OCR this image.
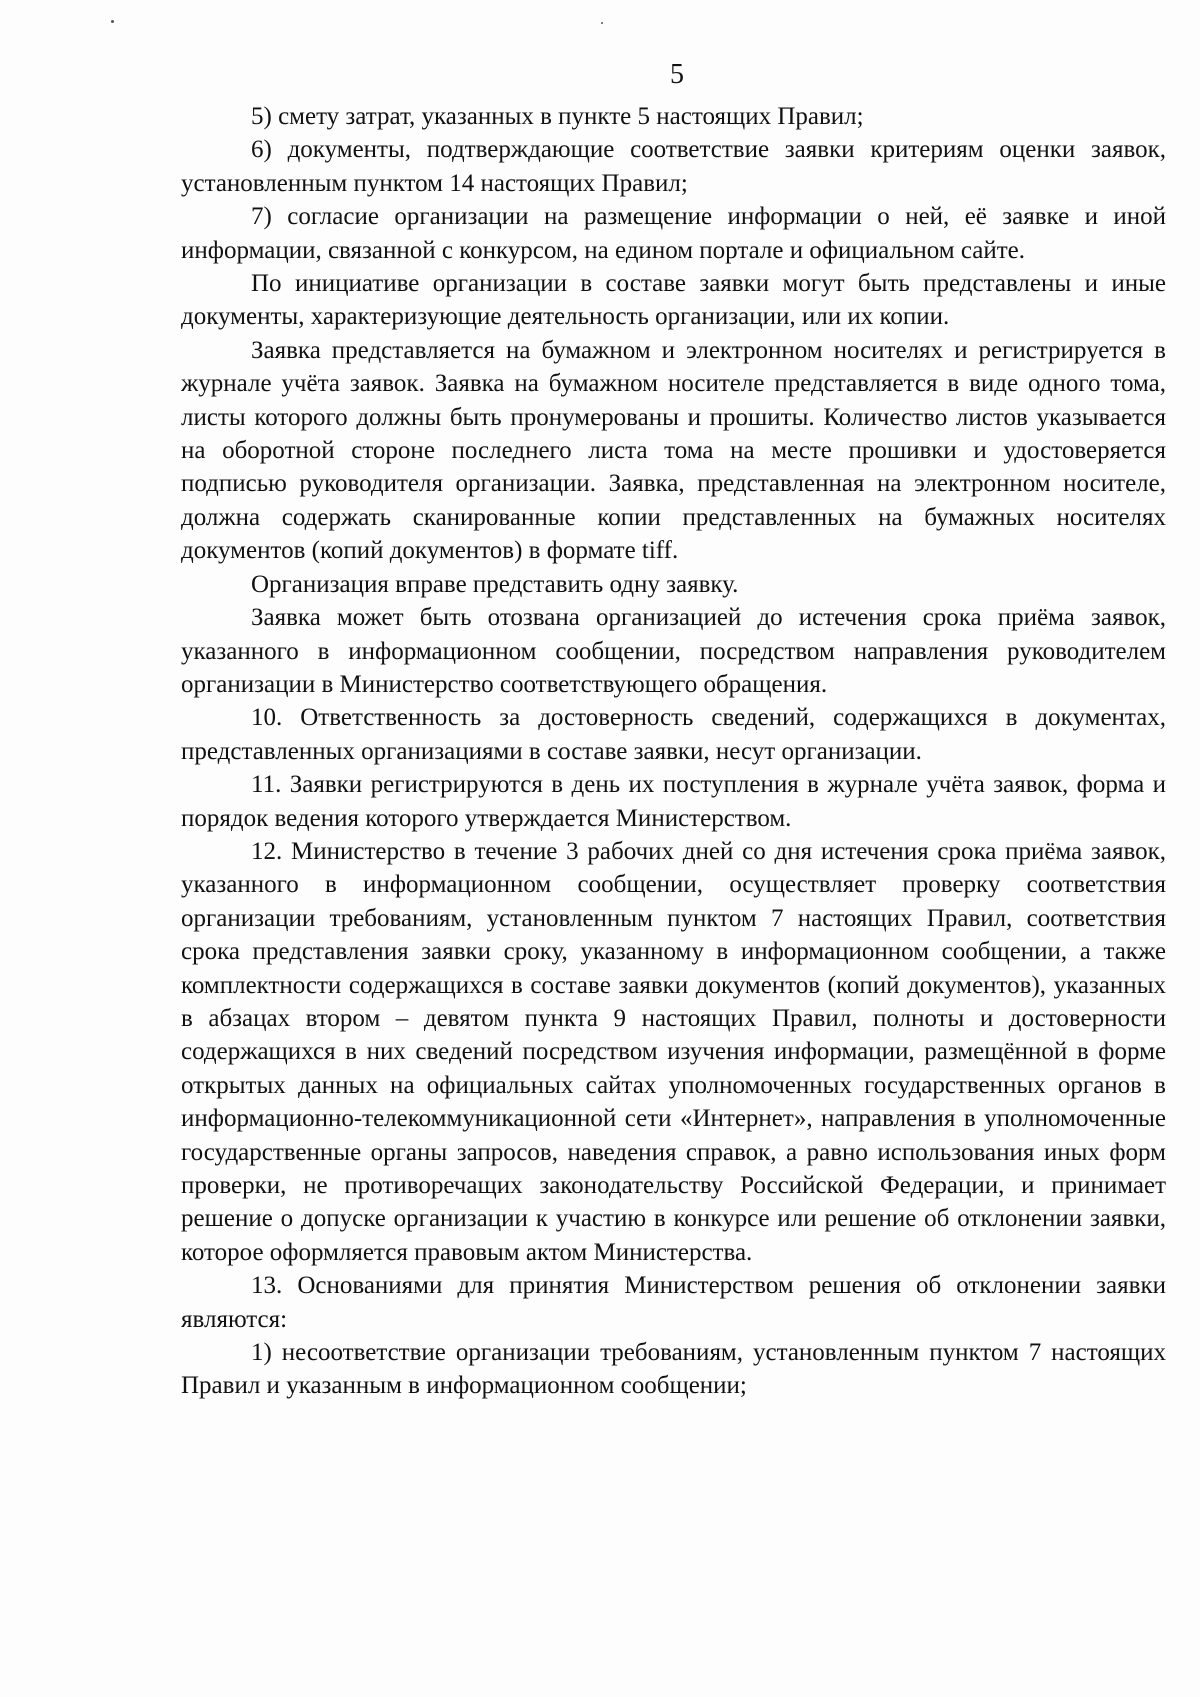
5

5) смету затрат, указанных в пункте 5 настоящих Правил;

6) документы, подтверждающие соответствие заявки критериям оценки заявок, установленным пунктом 14 настоящих Правил;

7) согласие организации на размещение информации о ней, её заявке и иной информации, связанной с конкурсом, на едином портале и официальном сайте.

По инициативе организации в составе заявки могут быть представлены и иные документы, характеризующие деятельность организации, или их копии.

Заявка представляется на бумажном и электронном носителях и регистрируется в журнале учёта заявок. Заявка на бумажном носителе представляется в виде одного тома, листы которого должны быть пронумерованы и прошиты. Количество листов указывается на оборотной стороне последнего листа тома на месте прошивки и удостоверяется подписью руководителя организации. Заявка, представленная на электронном носителе, должна содержать сканированные копии представленных на бумажных носителях документов (копий документов) в формате tiff.

Организация вправе представить одну заявку.

Заявка может быть отозвана организацией до истечения срока приёма заявок, указанного в информационном сообщении, посредством направления руководителем организации в Министерство соответствующего обращения.

10. Ответственность за достоверность сведений, содержащихся в документах, представленных организациями в составе заявки, несут организации.

11. Заявки регистрируются в день их поступления в журнале учёта заявок, форма и порядок ведения которого утверждается Министерством.

12. Министерство в течение 3 рабочих дней со дня истечения срока приёма заявок, указанного в информационном сообщении, осуществляет проверку соответствия организации требованиям, установленным пунктом 7 настоящих Правил, соответствия срока представления заявки сроку, указанному в информационном сообщении, а также комплектности содержащихся в составе заявки документов (копий документов), указанных в абзацах втором – девятом пункта 9 настоящих Правил, полноты и достоверности содержащихся в них сведений посредством изучения информации, размещённой в форме открытых данных на официальных сайтах уполномоченных государственных органов в информационно-телекоммуникационной сети «Интернет», направления в уполномоченные государственные органы запросов, наведения справок, а равно использования иных форм проверки, не противоречащих законодательству Российской Федерации, и принимает решение о допуске организации к участию в конкурсе или решение об отклонении заявки, которое оформляется правовым актом Министерства.

13. Основаниями для принятия Министерством решения об отклонении заявки являются:

1) несоответствие организации требованиям, установленным пунктом 7 настоящих Правил и указанным в информационном сообщении;
